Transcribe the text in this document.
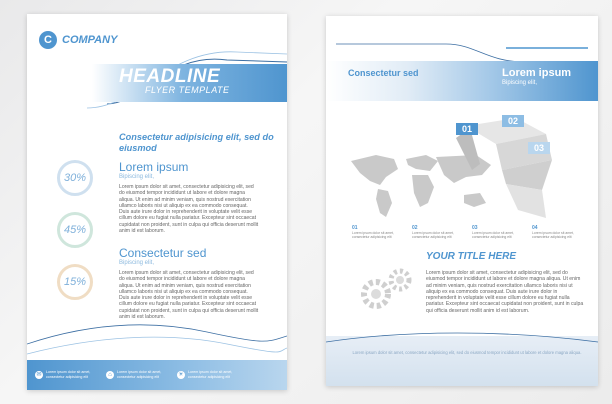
C COMPANY
HEADLINE
FLYER TEMPLATE
Consectetur adipisicing elit, sed do eiusmod
30%
45%
15%
Lorem ipsum
Bipiscing elit,
Lorem ipsum dolor sit amet, consectetur adipisicing elit, sed do eiusmod tempor incididunt ut labore et dolore magna aliqua. Ut enim ad minim veniam, quis nostrud exercitation ullamco laboris nisi ut aliquip ex ea commodo consequat. Duis aute irure dolor in reprehenderit in voluptate velit esse cillum dolore eu fugiat nulla pariatur. Excepteur sint occaecat cupidatat non proident, sunt in culpa qui officia deserunt mollit anim id est laborum.
Consectetur sed
Bipiscing elit,
Lorem ipsum dolor sit amet, consectetur adipisicing elit, sed do eiusmod tempor incididunt ut labore et dolore magna aliqua. Ut enim ad minim veniam, quis nostrud exercitation ullamco laboris nisi ut aliquip ex ea commodo consequat. Duis aute irure dolor in reprehenderit in voluptate velit esse cillum dolore eu fugiat nulla pariatur. Excepteur sint occaecat cupidatat non proident, sunt in culpa qui officia deserunt mollit anim id est laborum.
✉	Lorem ipsum dolor sit amet, consectetur adipisicing elit	⌂	Lorem ipsum dolor sit amet, consectetur adipisicing elit	☀	Lorem ipsum dolor sit amet, consectetur adipisicing elit
Consectetur sed	Lorem ipsum
Bipiscing elit,
01
02
03
01
Lorem ipsum dolor sit amet, consectetur adipisicing elit
02
Lorem ipsum dolor sit amet, consectetur adipisicing elit
03
Lorem ipsum dolor sit amet, consectetur adipisicing elit
04
Lorem ipsum dolor sit amet, consectetur adipisicing elit
YOUR TITLE HERE
Lorem ipsum dolor sit amet, consectetur adipisicing elit, sed do eiusmod tempor incididunt ut labore et dolore magna aliqua. Ut enim ad minim veniam, quis nostrud exercitation ullamco laboris nisi ut aliquip ex ea commodo consequat. Duis aute irure dolor in reprehenderit in voluptate velit esse cillum dolore eu fugiat nulla pariatur. Excepteur sint occaecat cupidatat non proident, sunt in culpa qui officia deserunt mollit anim id est laborum.
Lorem ipsum dolor sit amet, consectetur adipisicing elit, sed do eiusmod tempor incididunt ut labore et dolore magna aliqua.
